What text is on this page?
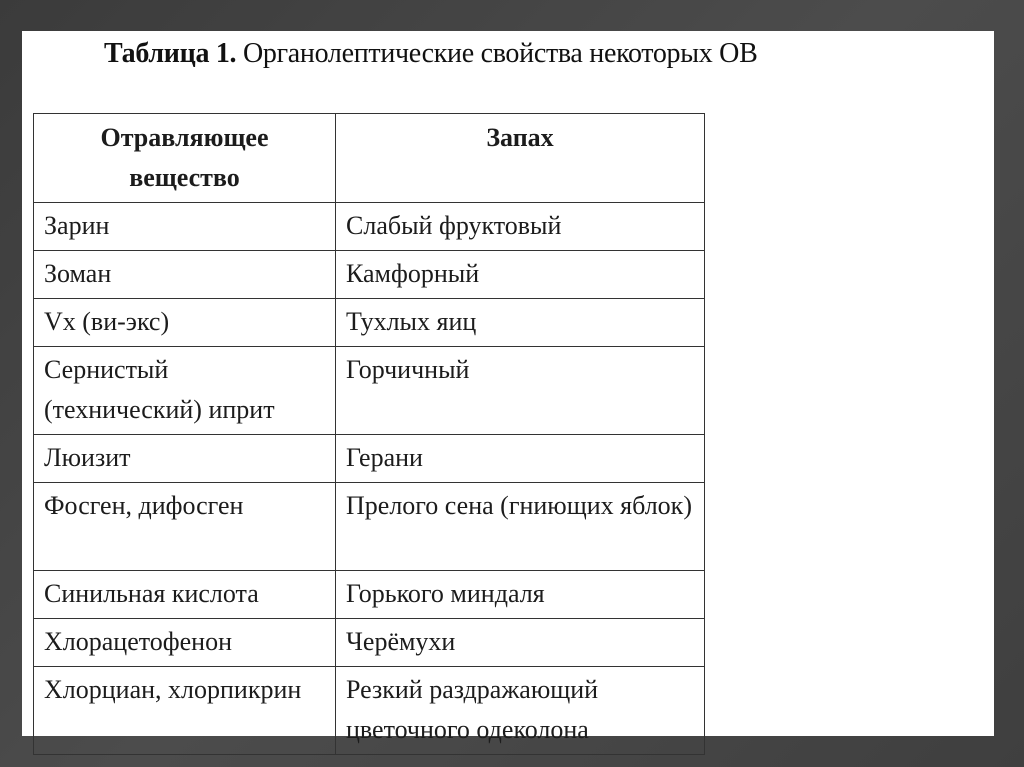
Таблица 1. Органолептические свойства некоторых ОВ
Отравляющее вещество	Запах
Зарин	Слабый фруктовый
Зоман	Камфорный
Vx (ви-экс)	Тухлых яиц
Сернистый (технический) иприт	Горчичный
Люизит	Герани
Фосген, дифосген	Прелого сена (гниющих яблок)
Синильная кислота	Горького миндаля
Хлорацетофенон	Черёмухи
Хлорциан, хлорпикрин	Резкий раздражающий цветочного одеколона
